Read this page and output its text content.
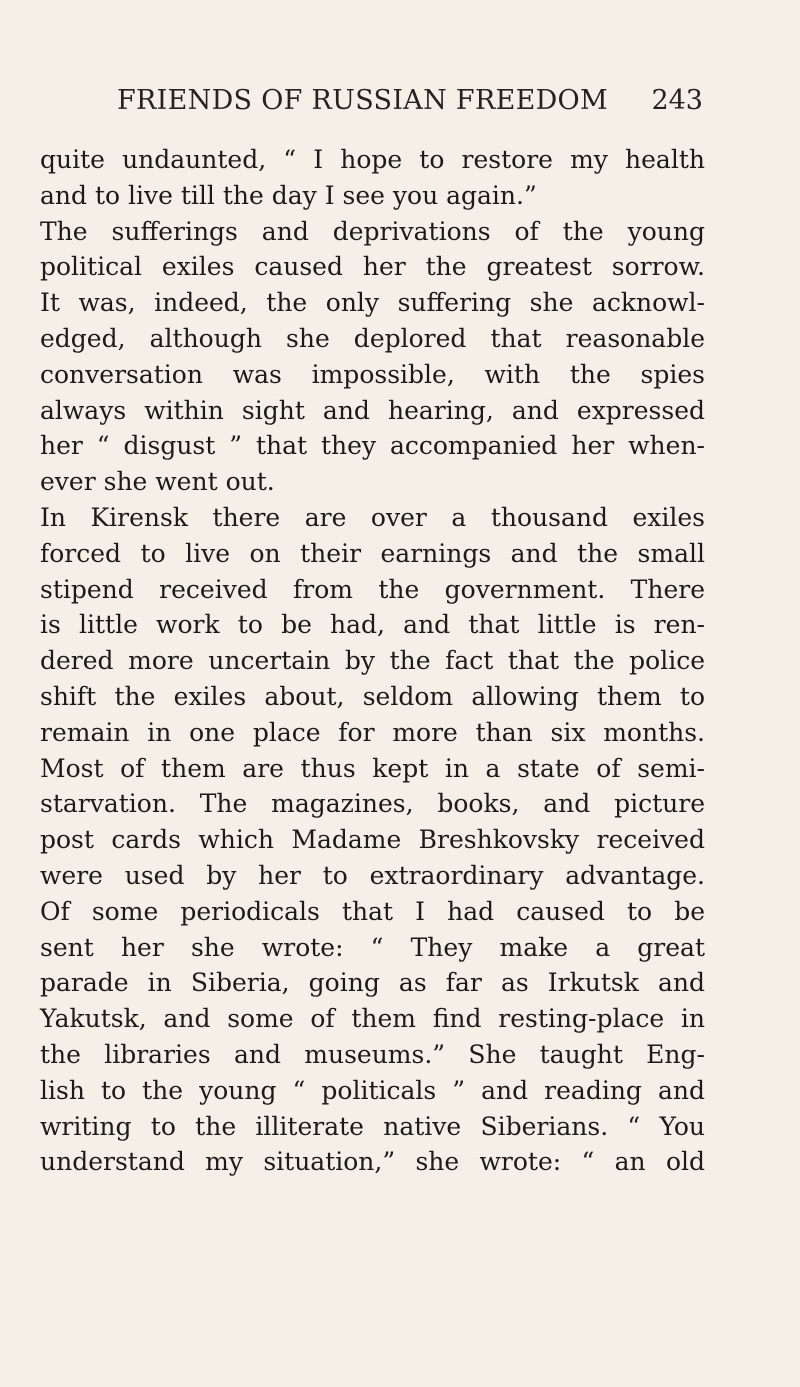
FRIENDS OF RUSSIAN FREEDOM 243
quite undaunted, “ I hope to restore my health
and to live till the day I see you again.”
The sufferings and deprivations of the young
political exiles caused her the greatest sorrow.
It was, indeed, the only suffering she acknowl-
edged, although she deplored that reasonable
conversation was impossible, with the spies
always within sight and hearing, and expressed
her “ disgust ” that they accompanied her when-
ever she went out.
In Kirensk there are over a thousand exiles
forced to live on their earnings and the small
stipend received from the government. There
is little work to be had, and that little is ren-
dered more uncertain by the fact that the police
shift the exiles about, seldom allowing them to
remain in one place for more than six months.
Most of them are thus kept in a state of semi-
starvation. The magazines, books, and picture
post cards which Madame Breshkovsky received
were used by her to extraordinary advantage.
Of some periodicals that I had caused to be
sent her she wrote: “ They make a great
parade in Siberia, going as far as Irkutsk and
Yakutsk, and some of them find resting-place in
the libraries and museums.” She taught Eng-
lish to the young “ politicals ” and reading and
writing to the illiterate native Siberians. “ You
understand my situation,” she wrote: “ an old
